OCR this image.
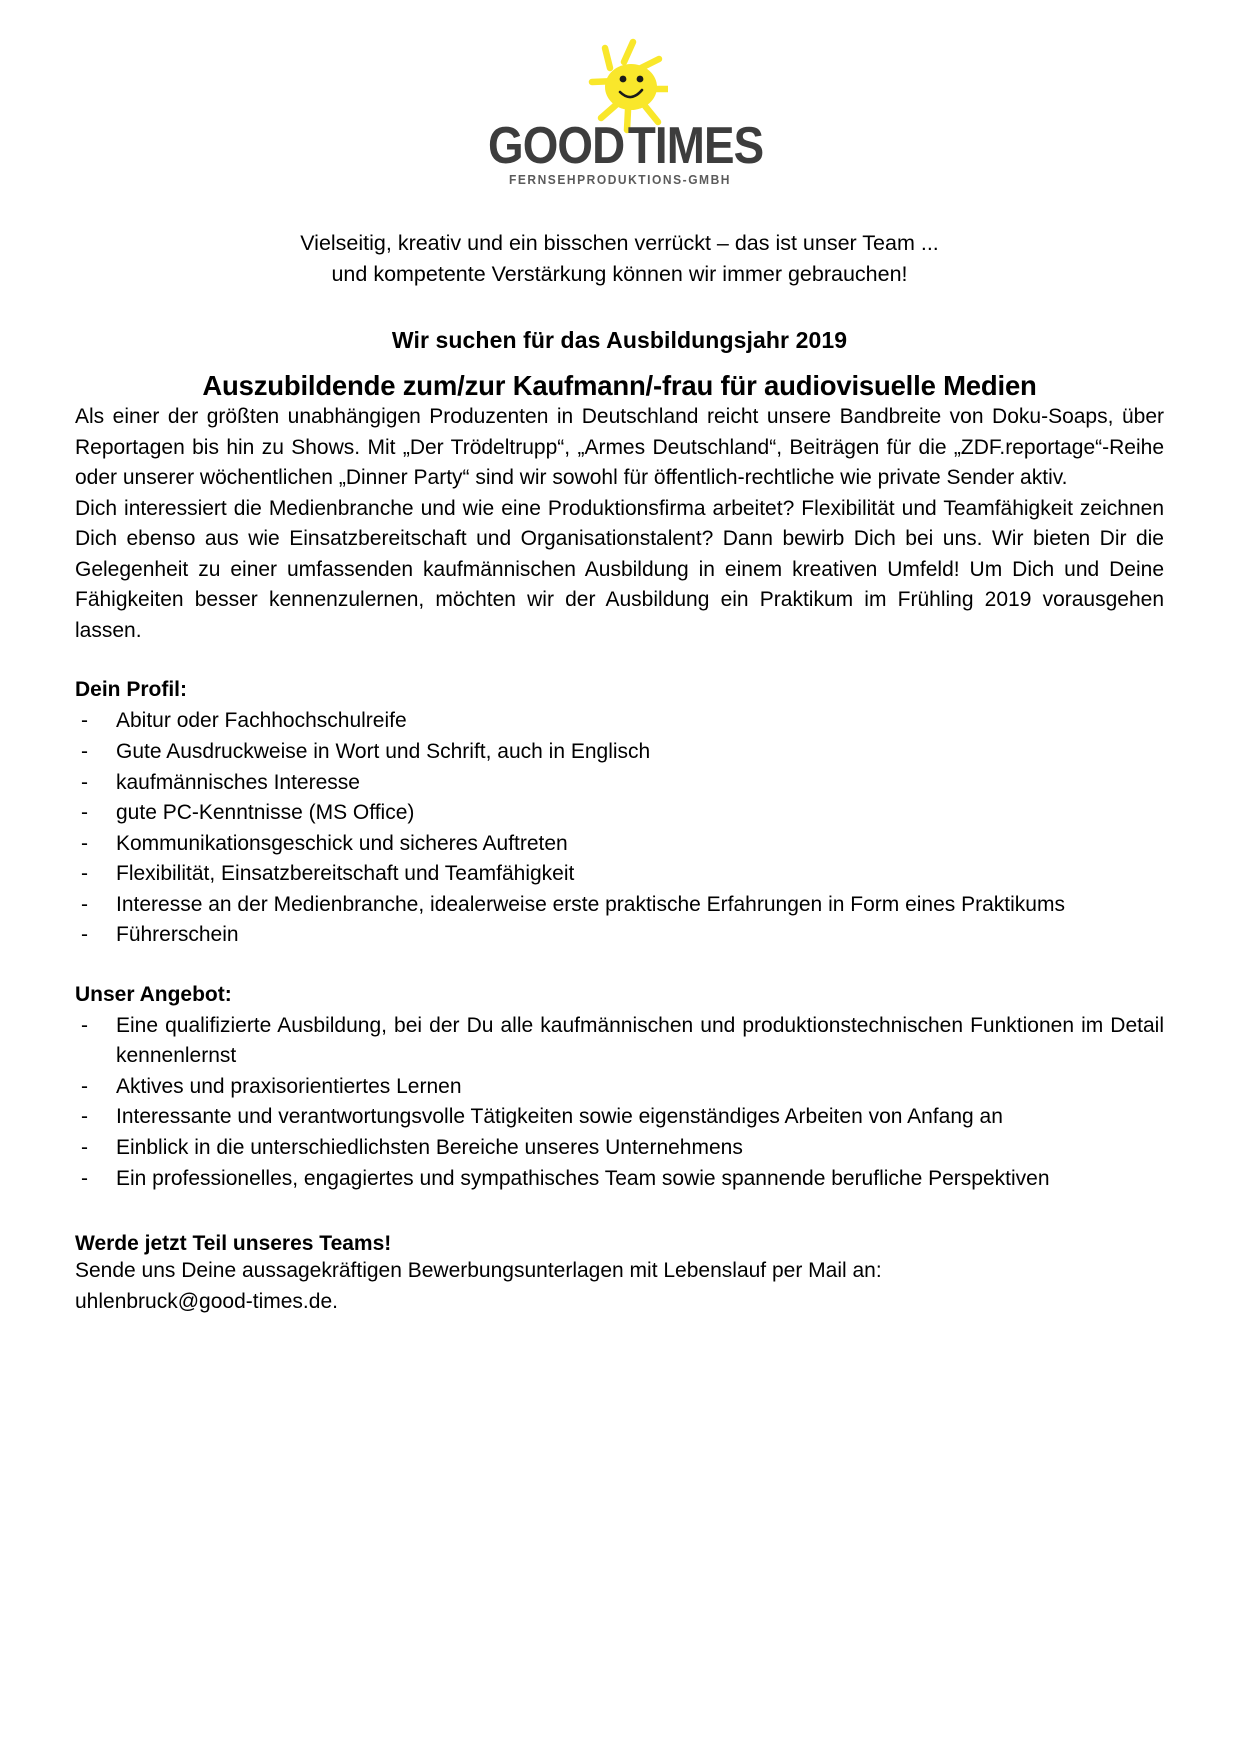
GOODTIMES
FERNSEHPRODUKTIONS-GMBH
Vielseitig, kreativ und ein bisschen verrückt – das ist unser Team ...
und kompetente Verstärkung können wir immer gebrauchen!
Wir suchen für das Ausbildungsjahr 2019
Auszubildende zum/zur Kaufmann/-frau für audiovisuelle Medien

Als einer der größten unabhängigen Produzenten in Deutschland reicht unsere Bandbreite von Doku-Soaps, über Reportagen bis hin zu Shows. Mit „Der Trödeltrupp“, „Armes Deutschland“, Beiträgen für die „ZDF.reportage“-Reihe oder unserer wöchentlichen „Dinner Party“ sind wir sowohl für öffentlich-rechtliche wie private Sender aktiv.

Dich interessiert die Medienbranche und wie eine Produktionsfirma arbeitet? Flexibilität und Teamfähigkeit zeichnen Dich ebenso aus wie Einsatzbereitschaft und Organisationstalent? Dann bewirb Dich bei uns. Wir bieten Dir die Gelegenheit zu einer umfassenden kaufmännischen Ausbildung in einem kreativen Umfeld! Um Dich und Deine Fähigkeiten besser kennenzulernen, möchten wir der Ausbildung ein Praktikum im Frühling 2019 vorausgehen lassen.

Dein Profil:
- Abitur oder Fachhochschulreife
- Gute Ausdruckweise in Wort und Schrift, auch in Englisch
- kaufmännisches Interesse
- gute PC-Kenntnisse (MS Office)
- Kommunikationsgeschick und sicheres Auftreten
- Flexibilität, Einsatzbereitschaft und Teamfähigkeit
- Interesse an der Medienbranche, idealerweise erste praktische Erfahrungen in Form eines Praktikums
- Führerschein
Unser Angebot:
- Eine qualifizierte Ausbildung, bei der Du alle kaufmännischen und produktionstechnischen Funktionen im Detail kennenlernst
- Aktives und praxisorientiertes Lernen
- Interessante und verantwortungsvolle Tätigkeiten sowie eigenständiges Arbeiten von Anfang an
- Einblick in die unterschiedlichsten Bereiche unseres Unternehmens
- Ein professionelles, engagiertes und sympathisches Team sowie spannende berufliche Perspektiven
Werde jetzt Teil unseres Teams!

Sende uns Deine aussagekräftigen Bewerbungsunterlagen mit Lebenslauf per Mail an:

uhlenbruck@good-times.de.
